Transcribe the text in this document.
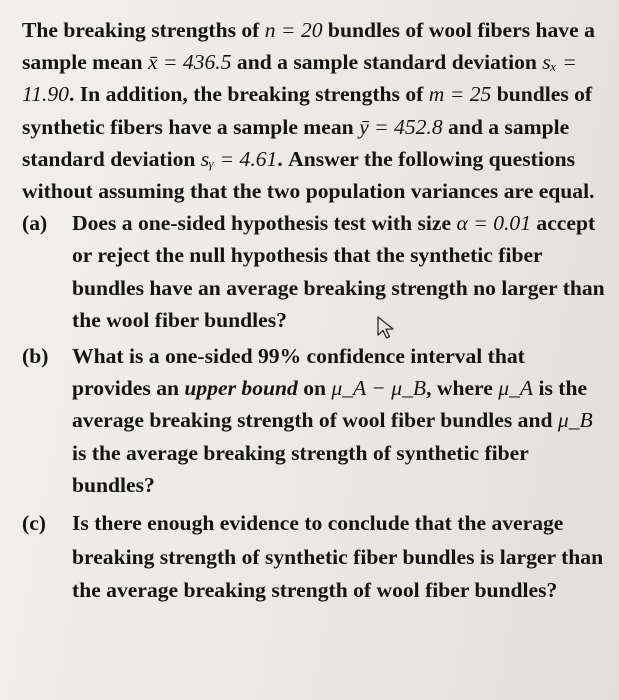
The breaking strengths of n = 20 bundles of wool fibers have a sample mean x̄ = 436.5 and a sample standard deviation sₓ = 11.90. In addition, the breaking strengths of m = 25 bundles of synthetic fibers have a sample mean ȳ = 452.8 and a sample standard deviation sᵧ = 4.61. Answer the following questions without assuming that the two population variances are equal.

(a) Does a one-sided hypothesis test with size α = 0.01 accept or reject the null hypothesis that the synthetic fiber bundles have an average breaking strength no larger than the wool fiber bundles?
(b) What is a one-sided 99% confidence interval that provides an upper bound on μ_A − μ_B, where μ_A is the average breaking strength of wool fiber bundles and μ_B is the average breaking strength of synthetic fiber bundles?
(c) Is there enough evidence to conclude that the average breaking strength of synthetic fiber bundles is larger than the average breaking strength of wool fiber bundles?
